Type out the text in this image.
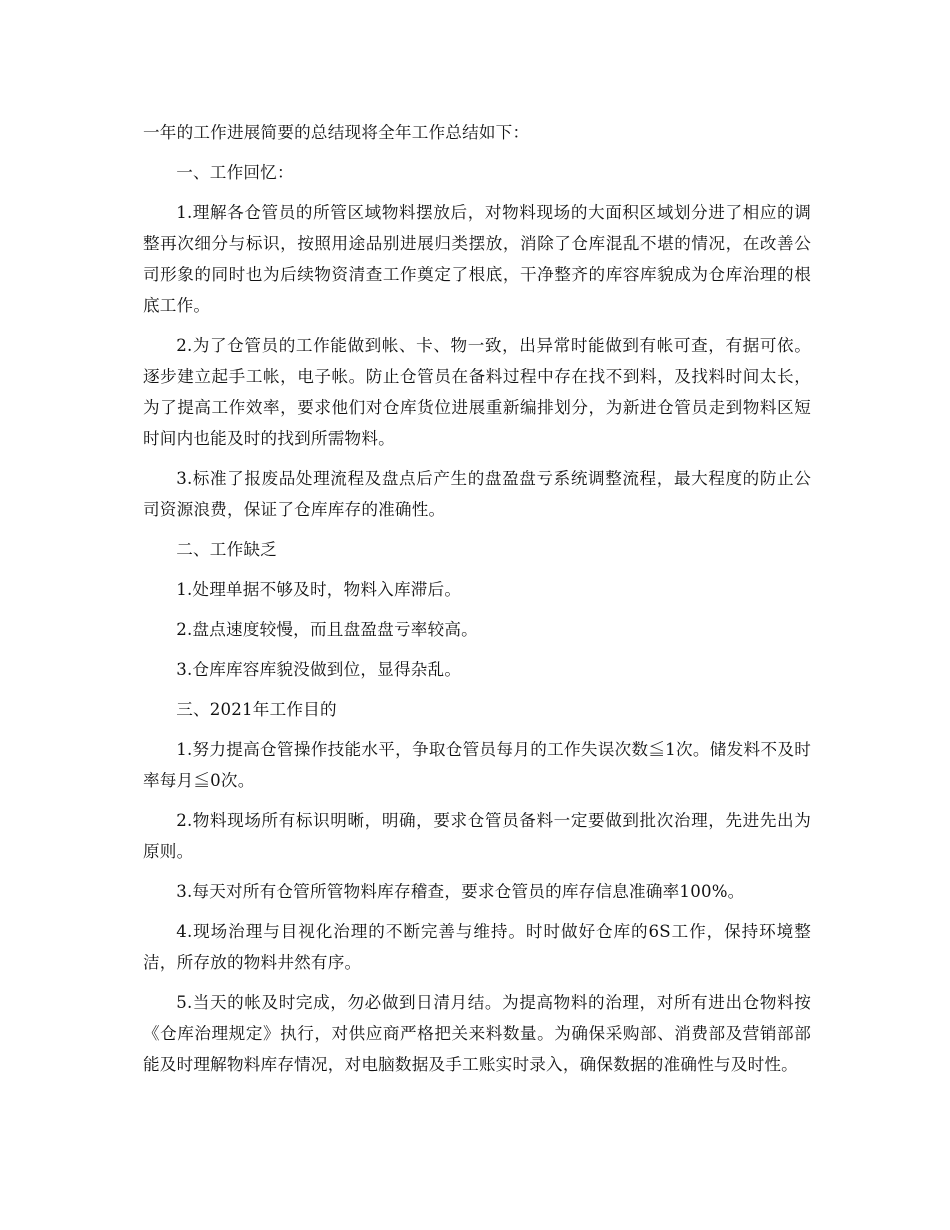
一年的工作进展简要的总结现将全年工作总结如下：

一、工作回忆：

1.理解各仓管员的所管区域物料摆放后，对物料现场的大面积区域划分进了相应的调整再次细分与标识，按照用途品别进展归类摆放，消除了仓库混乱不堪的情况，在改善公司形象的同时也为后续物资清查工作奠定了根底，干净整齐的库容库貌成为仓库治理的根底工作。

2.为了仓管员的工作能做到帐、卡、物一致，出异常时能做到有帐可查，有据可依。逐步建立起手工帐，电子帐。防止仓管员在备料过程中存在找不到料，及找料时间太长，为了提高工作效率，要求他们对仓库货位进展重新编排划分，为新进仓管员走到物料区短时间内也能及时的找到所需物料。

3.标准了报废品处理流程及盘点后产生的盘盈盘亏系统调整流程，最大程度的防止公司资源浪费，保证了仓库库存的准确性。

二、工作缺乏

1.处理单据不够及时，物料入库滞后。

2.盘点速度较慢，而且盘盈盘亏率较高。

3.仓库库容库貌没做到位，显得杂乱。

三、2021年工作目的

1.努力提高仓管操作技能水平，争取仓管员每月的工作失误次数≦1次。储发料不及时率每月≦0次。

2.物料现场所有标识明晰，明确，要求仓管员备料一定要做到批次治理，先进先出为原则。

3.每天对所有仓管所管物料库存稽查，要求仓管员的库存信息准确率100%。

4.现场治理与目视化治理的不断完善与维持。时时做好仓库的6S工作，保持环境整洁，所存放的物料井然有序。

5.当天的帐及时完成，勿必做到日清月结。为提高物料的治理，对所有进出仓物料按《仓库治理规定》执行，对供应商严格把关来料数量。为确保采购部、消费部及营销部部能及时理解物料库存情况，对电脑数据及手工账实时录入，确保数据的准确性与及时性。
